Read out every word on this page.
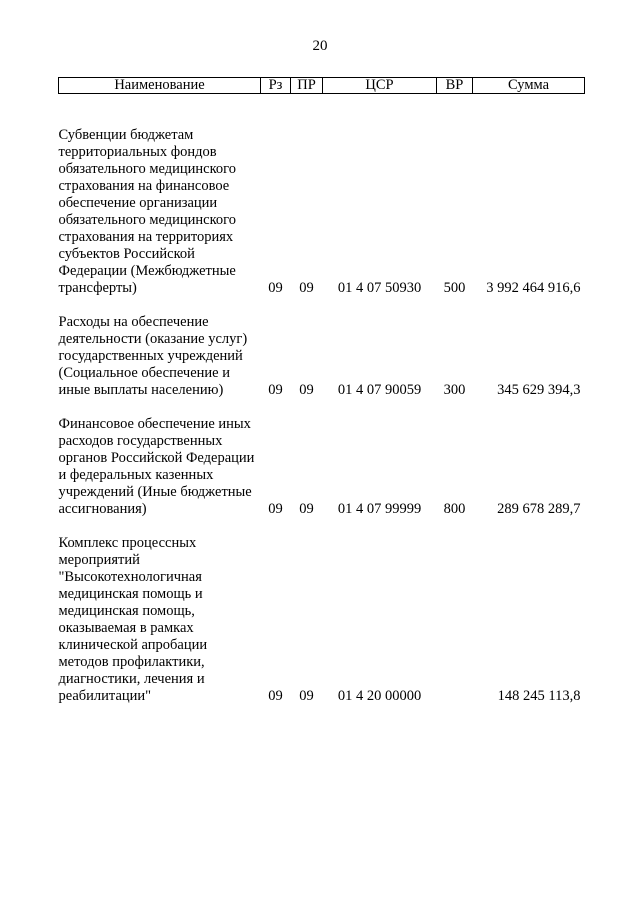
20
Наименование	Рз	ПР	ЦСР	ВР	Сумма
Субвенции бюджетам территориальных фондов обязательного медицинского страхования на финансовое обеспечение организации обязательного медицинского страхования на территориях субъектов Российской Федерации (Межбюджетные трансферты)	09	09	01 4 07 50930	500	3 992 464 916,6
Расходы на обеспечение деятельности (оказание услуг) государственных учреждений (Социальное обеспечение и иные выплаты населению)	09	09	01 4 07 90059	300	345 629 394,3
Финансовое обеспечение иных расходов государственных органов Российской Федерации и федеральных казенных учреждений (Иные бюджетные ассигнования)	09	09	01 4 07 99999	800	289 678 289,7
Комплекс процессных мероприятий "Высокотехнологичная медицинская помощь и медицинская помощь, оказываемая в рамках клинической апробации методов профилактики, диагностики, лечения и реабилитации"	09	09	01 4 20 00000		148 245 113,8
